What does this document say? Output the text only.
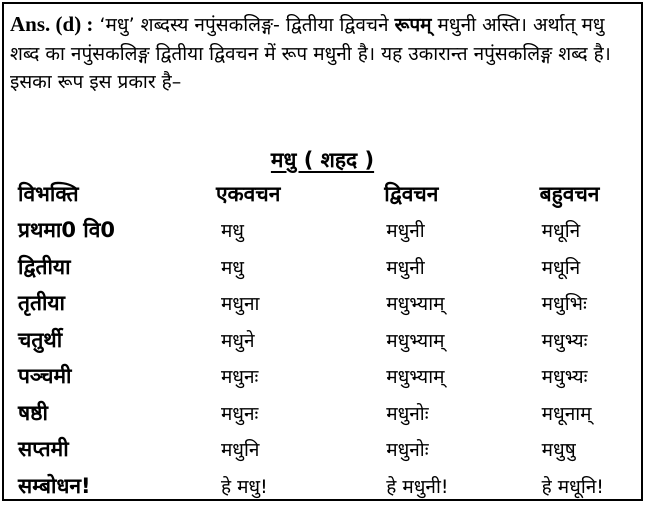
Ans. (d) : ‘मधु’ शब्दस्य नपुंसकलिङ्ग- द्वितीया द्विवचने रूपम् मधुनी अस्ति। अर्थात् मधु शब्द का नपुंसकलिङ्ग द्वितीया द्विवचन में रूप मधुनी है। यह उकारान्त नपुंसकलिङ्ग शब्द है। इसका रूप इस प्रकार है–
मधु ( शहद )
विभक्ति	एकवचन	द्विवचन	बहुवचन
प्रथमा0 वि0	मधु	मधुनी	मधूनि
द्वितीया	मधु	मधुनी	मधूनि
तृतीया	मधुना	मधुभ्याम्	मधुभिः
चतुर्थी	मधुने	मधुभ्याम्	मधुभ्यः
पञ्चमी	मधुनः	मधुभ्याम्	मधुभ्यः
षष्ठी	मधुनः	मधुनोः	मधूनाम्
सप्तमी	मधुनि	मधुनोः	मधुषु
सम्बोधन!	हे मधु!	हे मधुनी!	हे मधूनि!
